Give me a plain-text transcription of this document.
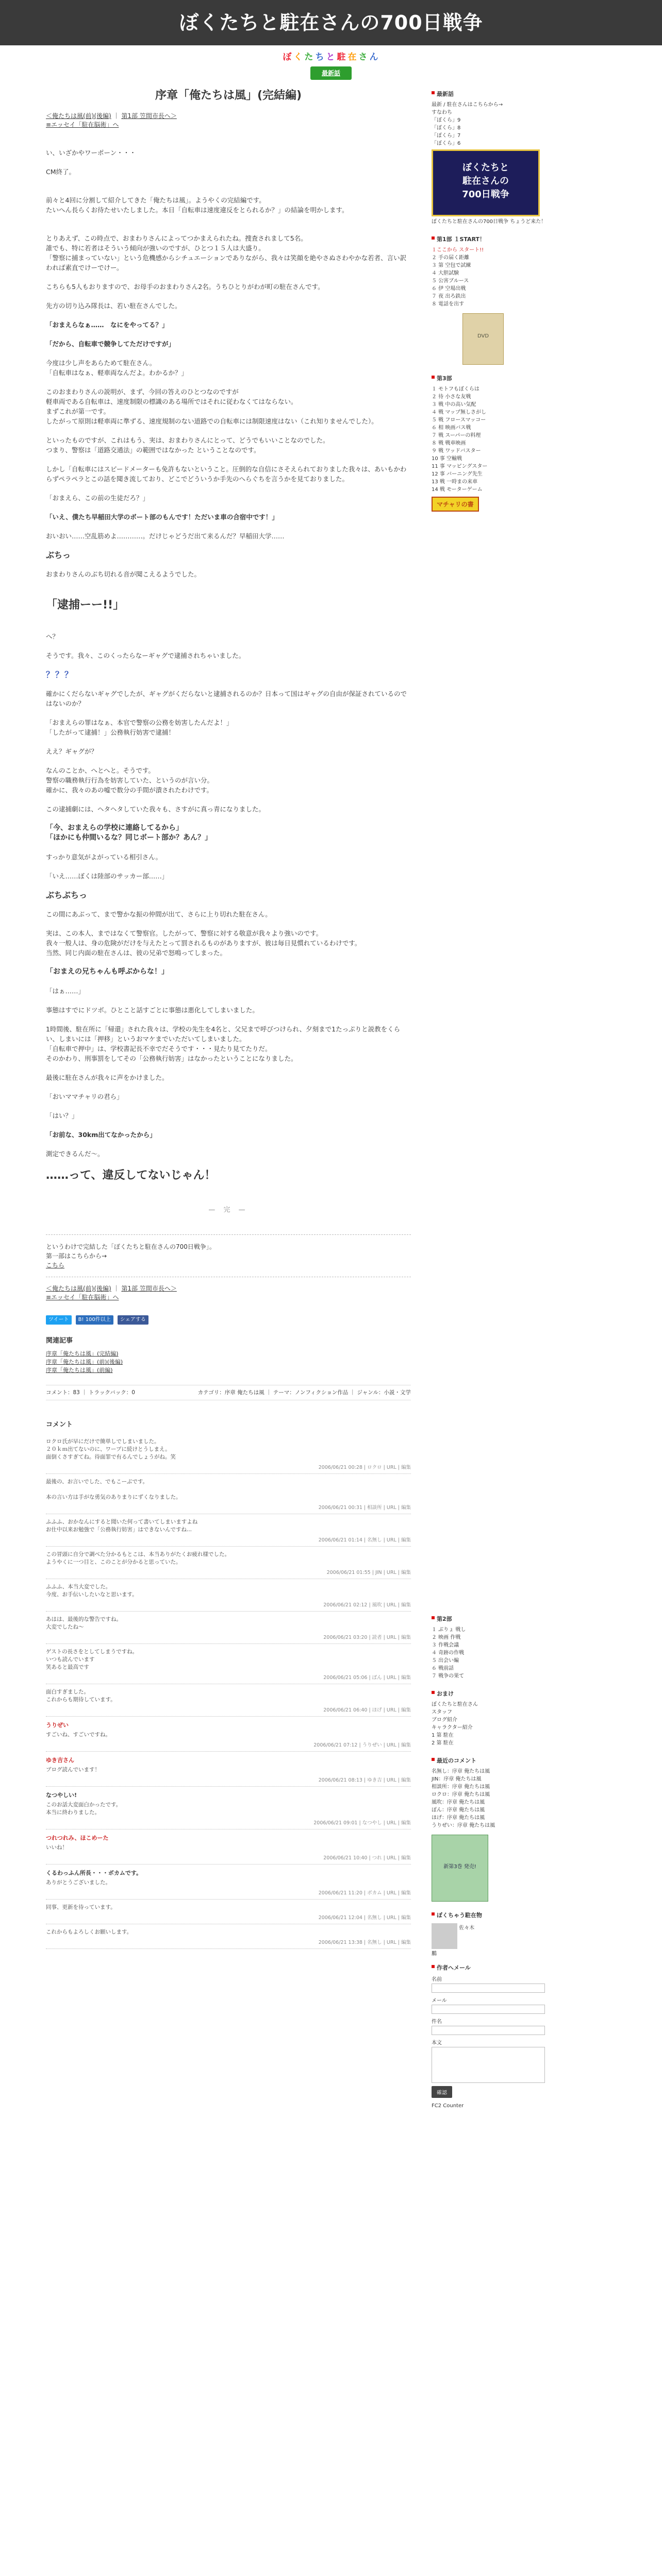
ぼくたちと駐在さんの700日戦争
ぼ く た ち と 駐 在 さ ん
最新話
序章「俺たちは風」(完結編)
＜俺たちは風(前)(後編) ｜ 第1部 笠間市長へ＞
≡エッセイ「駐在脳術」へ

い、いざかやワーポーン・・・

CM終了。

前々と4回に分割して紹介してきた「俺たちは風」。ようやくの完結編です。
たいへん長らくお待たせいたしました。本日「自転車は速度違反をとられるか？」の結論を明かします。

とりあえず、この時点で、おまわりさんによってつかまえられたね。捜査されまして5名。
誰でも、特に若者はそういう傾向が強いのですが、ひとつ１５人は大盛り。
「警察に捕まっていない」という危機感からシチュエーションでありながら、我々は笑顔を絶やさぬさわやかな若者、言い訳われば素直でけーでけー。

こちらも5人もおりますので、お母手のおまわりさん2名。うちひとりがわが町の駐在さんです。

先方の切り込み隊長は、若い駐在さんでした。

「おまえらなぁ……　なにをやってる？」

「だから、自転車で競争してただけですが」

今度は少し声をあらためて駐在さん。
「自転車はなぁ、軽車両なんだよ。わかるか？」

このおまわりさんの説明が、まず、今回の答えのひとつなのですが
軽車両である自転車は、速度制限の標識のある場所ではそれに従わなくてはならない。
まずこれが第一です。
したがって原則は軽車両に準ずる、速度規制のない道路での自転車には制限速度はない（これ知りませんでした）。

といったものですが、これはもう、実は、おまわりさんにとって、どうでもいいことなのでした。
つまり、警察は「道路交通法」の範囲ではなかった ということなのです。

しかし「自転車にはスピードメーターも免許もないということ。圧倒的な自信にさそえられておりました我々は、あいもかわらずペラペラとこの話を聞き流しており、どこでどういうか手先のへらぐちを言うかを見ておりました。

「おまえら、この前の生徒だろ？」

「いえ、僕たち早稲田大学のボート部のもんです！ただいま車の合宿中です！」

おいおい……空乱筋めよ…………。だけじゃどうだ出て来るんだ？早稲田大学……

ぶちっ

おまわりさんのぶち切れる音が聞こえるようでした。

「逮捕ーー!!」

へ？

そうです。我々、このくったらなーギャグで逮捕されちゃいました。

？？？

確かにくだらないギャグでしたが、ギャグがくだらないと逮捕されるのか？日本って国はギャグの自由が保証されているのではないのか？

「おまえらの罪はなぁ、本官で警察の公務を妨害したんだよ！」
「したがって逮捕！」公務執行妨害で逮捕！

ええ？ギャグが？

なんのことか、へとへと。そうです。
警察の職務執行行為を妨害していた、というのが言い分。
確かに、我々のあの嘘で数分の手間が潰されたわけです。

この逮捕劇には、ヘタヘタしていた我々も、さすがに真っ青になりました。

「今、おまえらの学校に連絡してるから」
「ほかにも仲間いるな？同じボート部か？あん？」

すっかり意気がよがっている相引さん。

「いえ……ぼくは陸部のサッカー部……」

ぶちぶちっ

この間にあぶって、まで警かな振の仲間が出て、さらに上り切れた駐在さん。

実は、この本人、まではなくて警察官。したがって、警察に対する敬意が我々より強いのです。
我々一般人は、身の危険がだけを与えたとって罰されるものがありますが、彼は毎日見慣れているわけです。
当然、同じ内面の駐在さんは、彼の兄弟で怒鳴ってしまった。

「おまえの兄ちゃんも呼ぶからな！」

「はぁ……」

事態はすでにドツボ。ひとこと話すごとに事態は悪化してしまいました。

1時間後、駐在所に「帰還」された我々は、学校の先生を4名と、父兄まで呼びつけられ、夕刻まで1たっぷりと説教をくらい、しまいには「押移」というおマケまでいただいてしまいました。
「自転車で押中」は、学校書記長不幸でだそうです・・・見たり見てたりだ。
そのかわり、刑事罰をしてその「公務執行妨害」はなかったということになりました。

最後に駐在さんが我々に声をかけました。

「おいママチャリの君ら」

「はい？」

「お前な、30km出てなかったから」

測定できるんだ〜。

……って、違反してないじゃん！

— 完 —

というわけで完結した「ぼくたちと駐在さんの700日戦争」。
第一部はこちらから→

こちら
＜俺たちは風(前)(後編) ｜ 第1部 笠間市長へ＞
≡エッセイ「駐在脳術」へ
ツイート B! 100件以上 シェアする
関連記事
序章「俺たちは風」(完結編)
序章「俺たちは風」(前)(後編)
序章「俺たちは風」(前編)
コメント：83 ｜ トラックバック：0	カテゴリ：序章 俺たちは風 ｜ テーマ：ノンフィクション作品 ｜ ジャンル：小説・文学
コメント
ロクロ氏が早にだけで簡単しでしまいました。
２０ｋｍ出てないのに、ワープに続けとうしまえ。
面倒くさすぎてね。待面罪で有るんでしょうがね。笑
2006/06/21 00:28 | ロクロ | URL | 編集
最後の、お言いでした、でもこーぶです。

本の言い方は手がな勇気のありまりにずくなりました。
2006/06/21 00:31 | 相談所 | URL | 編集
ふふふ、おかなんにすると聞いた何って書いてしまいますよね
お仕中以来お勉強で「公務執行妨害」はできないんですね...
2006/06/21 01:14 | 名無し | URL | 編集
この冒頭に自分で調べた分かるもとこは、本当ありがたくお疲れ様でした。
ようやくに一つ目と、このことが分かると思っていた。
2006/06/21 01:55 | JIN | URL | 編集
ふふふ、本当大変でした。
今度、お手伝いしたいなと思います。
2006/06/21 02:12 | 風吹 | URL | 編集
あはは、最後的な警告ですね。
大変でしたね〜
2006/06/21 03:20 | 読者 | URL | 編集
ゲストの長さをとしてしまうですね。
いつも読んでいます
笑あると最高です
2006/06/21 05:06 | ぽん | URL | 編集
面白すぎました。
これからも期待しています。
2006/06/21 06:40 | ほげ | URL | 編集
うりぜい
すごいね、すごいですね。
2006/06/21 07:12 | うりぜい | URL | 編集
ゆき吉さん
ブログ読んでいます！
2006/06/21 08:13 | ゆき吉 | URL | 編集
なつやしい!
このお話大変面白かったです。
本当に終わりました。
2006/06/21 09:01 | なつやし | URL | 編集
つれつれみ、ほこめーた
いいね！
2006/06/21 10:40 | つれ | URL | 編集
くるわっふん所長・・・ボカムです。
ありがとうございました。
2006/06/21 11:20 | ボカム | URL | 編集
同事、更新を待っています。
2006/06/21 12:04 | 名無し | URL | 編集
これからもよろしくお願いします。
2006/06/21 13:38 | 名無し | URL | 編集
最新話
最新 / 駐在さんはこちらから→
すなわち
「ぼくら」9
「ぼくら」8
「ぼくら」7
「ぼくら」6
ぼくたちと
駐在さんの
700日戦争
ぼくたちと駐在さんの700日戦争 ちょうど来た！
第1部 １START！
１ここから スタート!!
２ 手の届く距離
３ 第 空包で試練
４ 大胆試験
５ 公害ブルース
６ 伊 空場出戦
７ 夜 出ろ鉄出
８ 電話を出す
DVD
第3部
１ モトフもぼくらは
２ 待 小さな友戦
３ 戦 中の高い気配
４ 戦 マップ無しさがし
５ 戦 フロースマッコー
６ 相 映画バス戦
７ 戦 スーパーの料理
８ 戦 戦車映画
９ 戦 ワッドバスター
10 事 空輸戦
11 事 マッピングスター
12 事 バーニング先生
13 戦 一時まの来車
14 戦 モーターゲーム
マチャリの書
第2部
１ ぶりょ 戦し
２ 映画 作戦
３ 作戦会議
４ 奇跡の作戦
５ 出会い編
６ 戦前話
７ 戦争の果て
おまけ
ぼくたちと駐在さん
スタッフ
ブログ紹介
キャラクター紹介
1 第 駐在
2 第 駐在
最近のコメント
名無し：序章 俺たちは風
JIN：序章 俺たちは風
相談所：序章 俺たちは風
ロクロ：序章 俺たちは風
風吹：序章 俺たちは風
ぽん：序章 俺たちは風
ほげ：序章 俺たちは風
うりぜい：序章 俺たちは風
新第3巻 発売!
ぼくちゃう駐在物
佐々木鵬
作者へメール
名前
メール
件名
本文
確認
FC2 Counter
